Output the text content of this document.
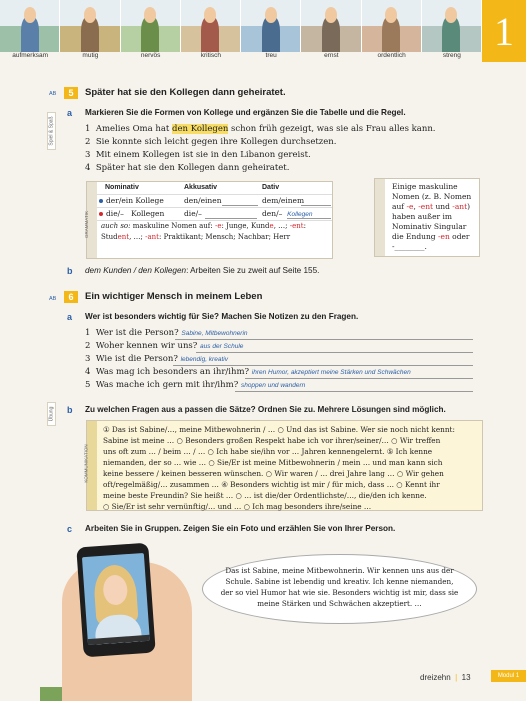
aufmerksam	mutig	nervös	kritisch	treu	ernst	ordentlich	streng
1
AB	5	Später hat sie den Kollegen dann geheiratet.
a Markieren Sie die Formen von Kollege und ergänzen Sie die Tabelle und die Regel.
Spiel & Spaß	1 Amelies Oma hat den Kollegen schon früh gezeigt, was sie als Frau alles kann.
2 Sie konnte sich leicht gegen ihre Kollegen durchsetzen.
3 Mit einem Kollegen ist sie in den Libanon gereist.
4 Später hat sie den Kollegen dann geheiratet.
GRAMMATIK
Nominativ	Akkusativ	Dativ
der/ein Kollege	den/einen	dem/einem
die/– Kollegen	die/–	den/– Kollegen
auch so: maskuline Nomen auf: -e: Junge, Kunde, …; -ent:
Student, …; -ant: Praktikant; Mensch; Nachbar; Herr
Einige maskuline
Nomen (z. B. Nomen
auf -e, -ent und -ant)
haben außer im
Nominativ Singular
die Endung -en oder
-________.
b dem Kunden / den Kollegen: Arbeiten Sie zu zweit auf Seite 155.
AB	6	Ein wichtiger Mensch in meinem Leben
a Wer ist besonders wichtig für Sie? Machen Sie Notizen zu den Fragen.
1 Wer ist die Person? Sabine, Mitbewohnerin
2 Woher kennen wir uns? aus der Schule
3 Wie ist die Person? lebendig, kreativ
4 Was mag ich besonders an ihr/ihm? ihren Humor, akzeptiert meine Stärken und Schwächen
5 Was mache ich gern mit ihr/ihm? shoppen und wandern
b Zu welchen Fragen aus a passen die Sätze? Ordnen Sie zu. Mehrere Lösungen sind möglich.
Übung
KOMMUNIKATION
① Das ist Sabine/…, meine Mitbewohnerin / … ○ Und das ist Sabine. Wer sie noch nicht kennt:
Sabine ist meine … ○ Besonders großen Respekt habe ich vor ihrer/seiner/… ○ Wir treffen
uns oft zum … / beim … / … ○ Ich habe sie/ihn vor … Jahren kennengelernt. ⑤ Ich kenne
niemanden, der so … wie … ○ Sie/Er ist meine Mitbewohnerin / mein … und man kann sich
keine bessere / keinen besseren wünschen. ○ Wir waren / … drei Jahre lang … ○ Wir gehen
oft/regelmäßig/… zusammen … ④ Besonders wichtig ist mir / für mich, dass … ○ Kennt ihr
meine beste Freundin? Sie heißt … ○ … ist die/der Ordentlichste/…, die/den ich kenne.
○ Sie/Er ist sehr vernünftig/… und … ○ Ich mag besonders ihre/seine …
c Arbeiten Sie in Gruppen. Zeigen Sie ein Foto und erzählen Sie von Ihrer Person.
Das ist Sabine, meine Mitbewohnerin. Wir kennen uns aus der
Schule. Sabine ist lebendig und kreativ. Ich kenne niemanden,
der so viel Humor hat wie sie. Besonders wichtig ist mir, dass sie
meine Stärken und Schwächen akzeptiert. …
dreizehn | 13	Modul 1
